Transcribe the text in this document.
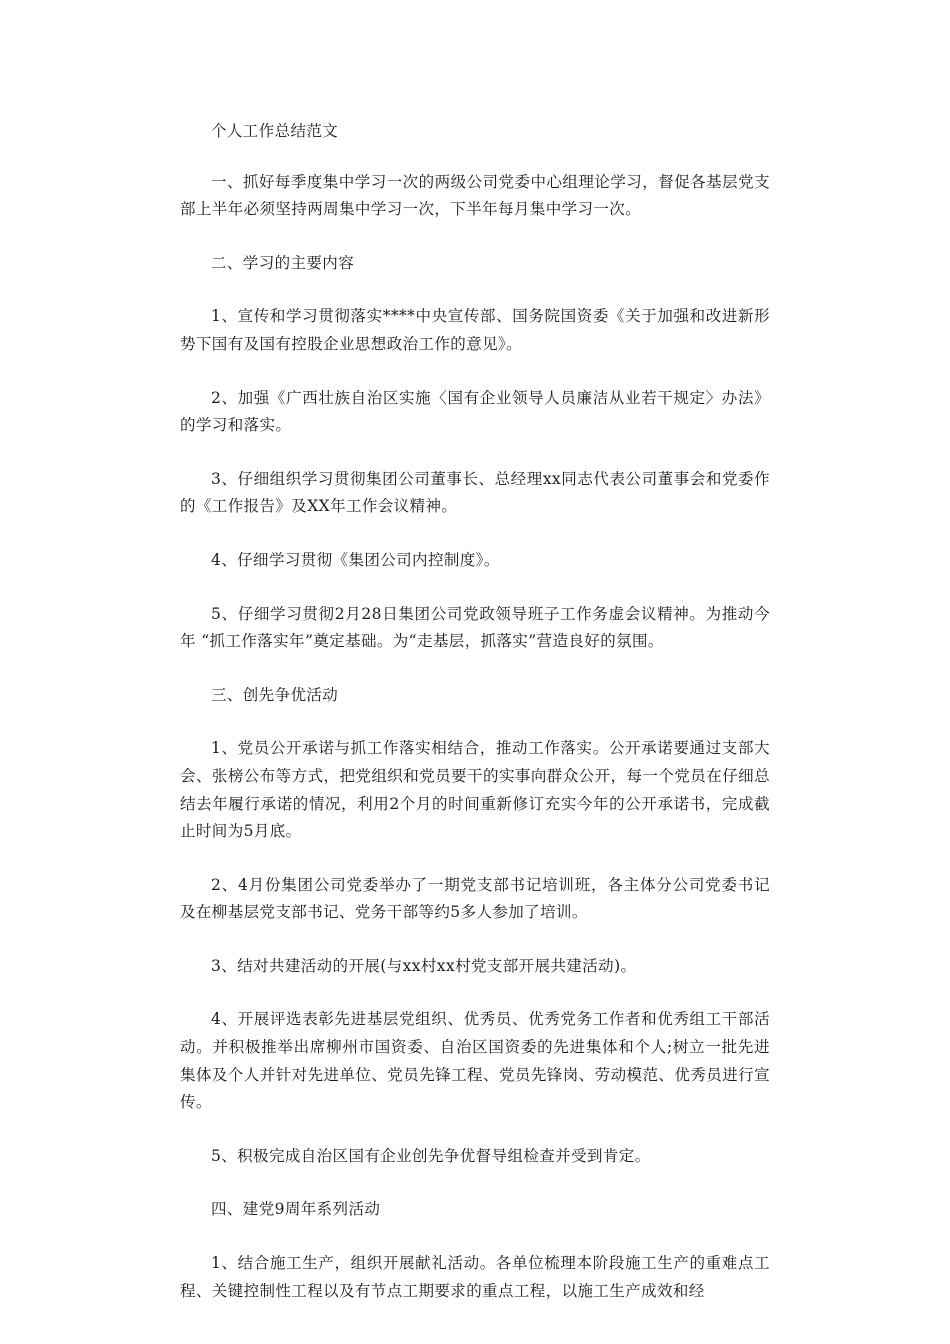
个人工作总结范文

一、抓好每季度集中学习一次的两级公司党委中心组理论学习，督促各基层党支部上半年必须坚持两周集中学习一次，下半年每月集中学习一次。

二、学习的主要内容

1、宣传和学习贯彻落实****中央宣传部、国务院国资委《关于加强和改进新形势下国有及国有控股企业思想政治工作的意见》。

2、加强《广西壮族自治区实施〈国有企业领导人员廉洁从业若干规定〉办法》的学习和落实。

3、仔细组织学习贯彻集团公司董事长、总经理xx同志代表公司董事会和党委作的《工作报告》及XX年工作会议精神。

4、仔细学习贯彻《集团公司内控制度》。

5、仔细学习贯彻2月28日集团公司党政领导班子工作务虚会议精神。为推动今年 “抓工作落实年”奠定基础。为“走基层，抓落实”营造良好的氛围。

三、创先争优活动

1、党员公开承诺与抓工作落实相结合，推动工作落实。公开承诺要通过支部大会、张榜公布等方式，把党组织和党员要干的实事向群众公开，每一个党员在仔细总结去年履行承诺的情况，利用2个月的时间重新修订充实今年的公开承诺书，完成截止时间为5月底。

2、4月份集团公司党委举办了一期党支部书记培训班，各主体分公司党委书记及在柳基层党支部书记、党务干部等约5多人参加了培训。

3、结对共建活动的开展(与xx村xx村党支部开展共建活动)。

4、开展评选表彰先进基层党组织、优秀员、优秀党务工作者和优秀组工干部活动。并积极推举出席柳州市国资委、自治区国资委的先进集体和个人;树立一批先进集体及个人并针对先进单位、党员先锋工程、党员先锋岗、劳动模范、优秀员进行宣传。

5、积极完成自治区国有企业创先争优督导组检查并受到肯定。

四、建党9周年系列活动

1、结合施工生产，组织开展献礼活动。各单位梳理本阶段施工生产的重难点工程、关键控制性工程以及有节点工期要求的重点工程，以施工生产成效和经
